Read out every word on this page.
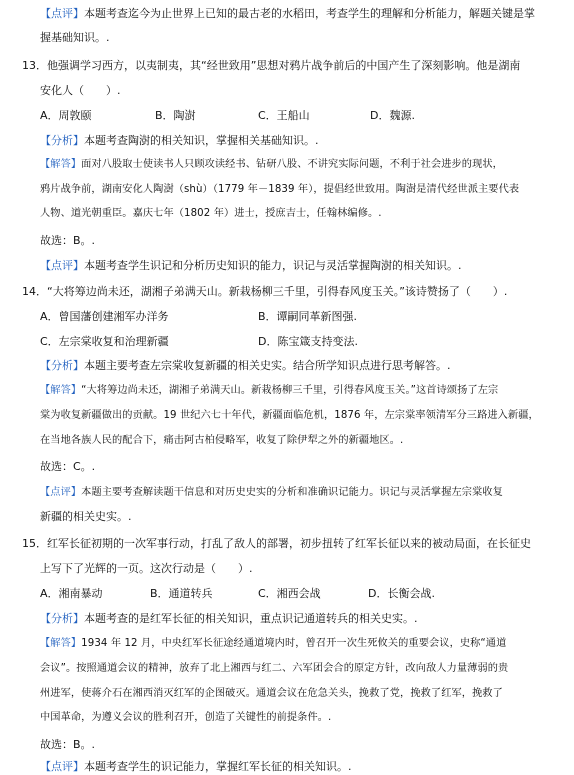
【点评】本题考查迄今为止世界上已知的最古老的水稻田，考查学生的理解和分析能力，解题关键是掌
握基础知识。.
13．他强调学习西方，以夷制夷，其“经世致用”思想对鸦片战争前后的中国产生了深刻影响。他是湖南
安化人（　　）.
A．周敦颐	B．陶澍	C．王船山	D．魏源.
【分析】本题考查陶澍的相关知识，掌握相关基础知识。.
【解答】面对八股取士使读书人只顾攻读经书、钻研八股、不讲究实际问题，不利于社会进步的现状，
鸦片战争前，湖南安化人陶澍（shù）（1779 年－1839 年），提倡经世致用。陶澍是清代经世派主要代表
人物、道光朝重臣。嘉庆七年（1802 年）进士，授庶吉士，任翰林编修。.
故选：B。.
【点评】本题考查学生识记和分析历史知识的能力，识记与灵活掌握陶澍的相关知识。.
14．“大将筹边尚未还，湖湘子弟满天山。新栽杨柳三千里，引得春风度玉关。”该诗赞扬了（　　）.
A．曾国藩创建湘军办洋务	B．谭嗣同革新图强.
C．左宗棠收复和治理新疆	D．陈宝箴支持变法.
【分析】本题主要考查左宗棠收复新疆的相关史实。结合所学知识点进行思考解答。.
【解答】“大将筹边尚未还，湖湘子弟满天山。新栽杨柳三千里，引得春风度玉关。”这首诗颂扬了左宗
棠为收复新疆做出的贡献。19 世纪六七十年代，新疆面临危机，1876 年，左宗棠率领清军分三路进入新疆，
在当地各族人民的配合下，痛击阿古柏侵略军，收复了除伊犁之外的新疆地区。.
故选：C。.
【点评】本题主要考查解读题干信息和对历史史实的分析和准确识记能力。识记与灵活掌握左宗棠收复
新疆的相关史实。.
15．红军长征初期的一次军事行动，打乱了敌人的部署，初步扭转了红军长征以来的被动局面，在长征史
上写下了光辉的一页。这次行动是（　　）.
A．湘南暴动	B．通道转兵	C．湘西会战	D．长衡会战.
【分析】本题考查的是红军长征的相关知识，重点识记通道转兵的相关史实。.
【解答】1934 年 12 月，中央红军长征途经通道境内时，曾召开一次生死攸关的重要会议，史称“通道
会议”。按照通道会议的精神，放弃了北上湘西与红二、六军团会合的原定方针，改向敌人力量薄弱的贵
州进军，使蒋介石在湘西消灭红军的企图破灭。通道会议在危急关头，挽救了党，挽救了红军，挽救了
中国革命，为遵义会议的胜利召开，创造了关键性的前提条件。.
故选：B。.
【点评】本题考查学生的识记能力，掌握红军长征的相关知识。.
